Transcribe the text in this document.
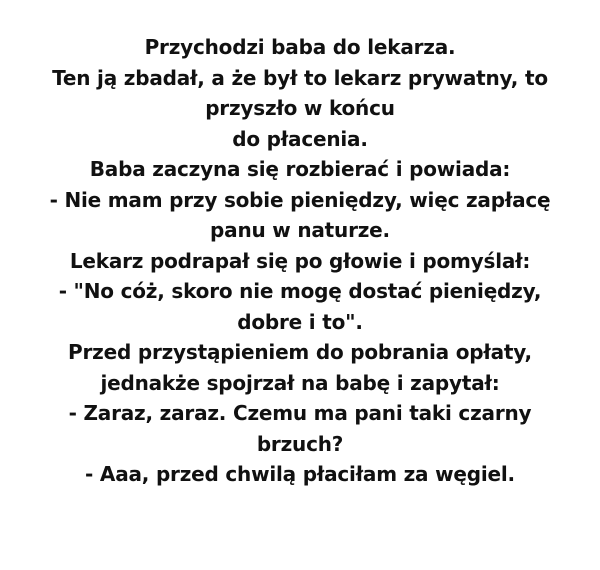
Przychodzi baba do lekarza.
Ten ją zbadał, a że był to lekarz prywatny, to
przyszło w końcu
do płacenia.
Baba zaczyna się rozbierać i powiada:
- Nie mam przy sobie pieniędzy, więc zapłacę
panu w naturze.
Lekarz podrapał się po głowie i pomyślał:
- "No cóż, skoro nie mogę dostać pieniędzy,
dobre i to".
Przed przystąpieniem do pobrania opłaty,
jednakże spojrzał na babę i zapytał:
- Zaraz, zaraz. Czemu ma pani taki czarny
brzuch?
- Aaa, przed chwilą płaciłam za węgiel.
